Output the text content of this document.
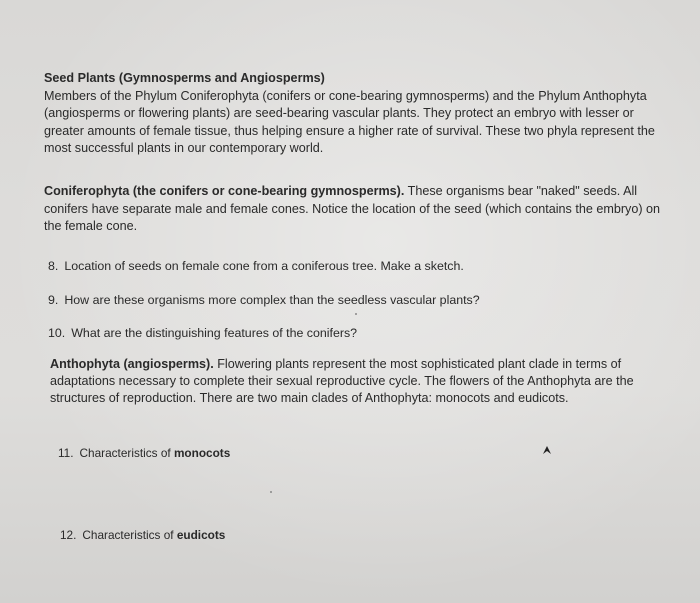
Seed Plants (Gymnosperms and Angiosperms)
Members of the Phylum Coniferophyta (conifers or cone-bearing gymnosperms) and the Phylum Anthophyta (angiosperms or flowering plants) are seed-bearing vascular plants. They protect an embryo with lesser or greater amounts of female tissue, thus helping ensure a higher rate of survival. These two phyla represent the most successful plants in our contemporary world.
Coniferophyta (the conifers or cone-bearing gymnosperms). These organisms bear "naked" seeds. All conifers have separate male and female cones. Notice the location of the seed (which contains the embryo) on the female cone.
8. Location of seeds on female cone from a coniferous tree. Make a sketch.
9. How are these organisms more complex than the seedless vascular plants?
10. What are the distinguishing features of the conifers?
Anthophyta (angiosperms). Flowering plants represent the most sophisticated plant clade in terms of adaptations necessary to complete their sexual reproductive cycle. The flowers of the Anthophyta are the structures of reproduction. There are two main clades of Anthophyta: monocots and eudicots.
11. Characteristics of monocots
12. Characteristics of eudicots
